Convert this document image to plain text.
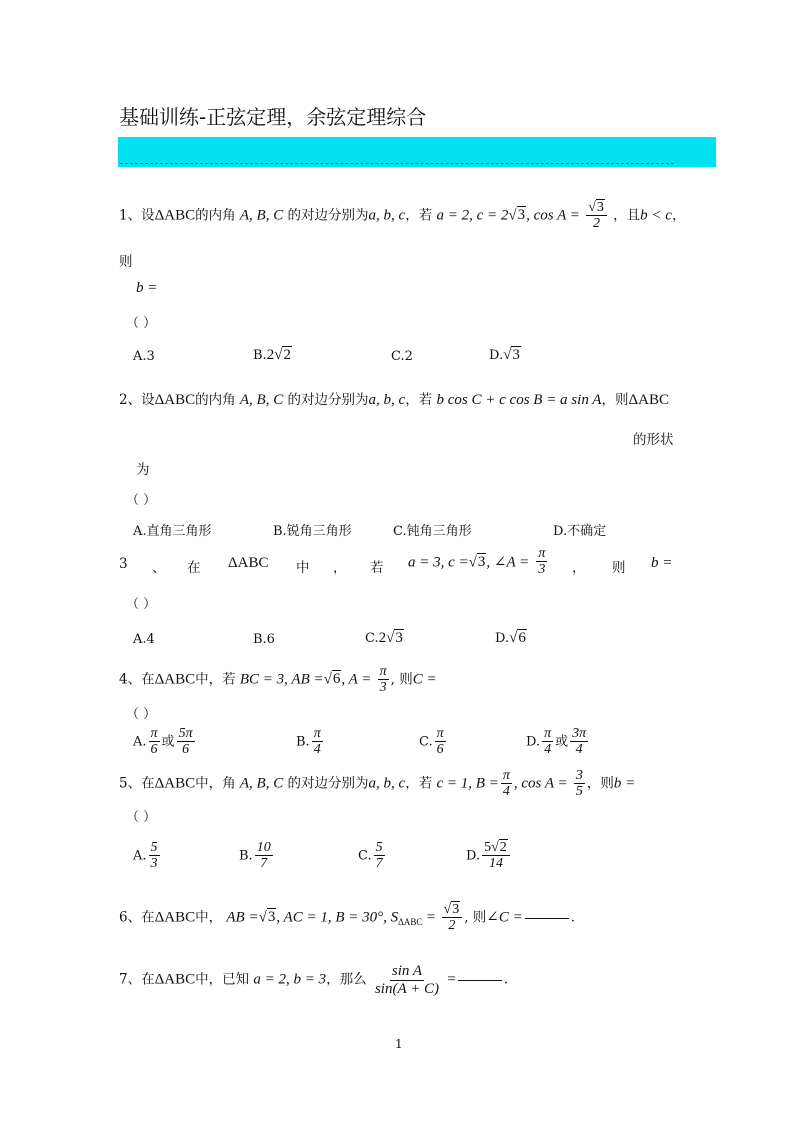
基础训练-正弦定理，余弦定理综合
1、设ΔABC的内角 A, B, C 的对边分别为a, b, c，若 a = 2, c = 2√3, $\cos A = \frac{√3}{2}$ ，且b < c，
则
b =
（ ）
A.3	B.2√2	C.2	D.√3
2、设ΔABC的内角 A, B, C 的对边分别为a, b, c，若 b cos C + c cos B = a sin A，则ΔABC
的形状
为
（ ）
A.直角三角形	B.锐角三角形	C.钝角三角形	D.不确定
3 、 在 ΔABC 中 ， 若 a = 3, c =√3, ∠A = $\frac{\pi}{3}$ ， 则 b =
（ ）
A.4	B.6	C.2√3	D.√6
4、在ΔABC中，若 BC = 3, AB =√6, $A = \frac{\pi}{3}$ , 则C =
（ ）
A. $\frac{\pi}{6}$ 或 $\frac{5\pi}{6}$	B. $\frac{\pi}{4}$	C. $\frac{\pi}{6}$	D. $\frac{\pi}{4}$ 或 $\frac{3\pi}{4}$
5、在ΔABC中，角 A, B, C 的对边分别为a, b, c，若 c = 1, $B = \frac{\pi}{4}$ , $\cos A = \frac{3}{5}$ ，则b =
（ ）
A. $\frac{5}{3}$	B. $\frac{10}{7}$	C. $\frac{5}{7}$	D. $\frac{5√2}{14}$
6、在ΔABC中， AB =√3, AC = 1, B = 30°, $S_{\Delta ABC} = \frac{√3}{2}$ , 则∠C =	.
7、在ΔABC中，已知 a = 2, b = 3，那么 $\frac{\text{sin A}}{\sin(A + C)}$ =	.
1
